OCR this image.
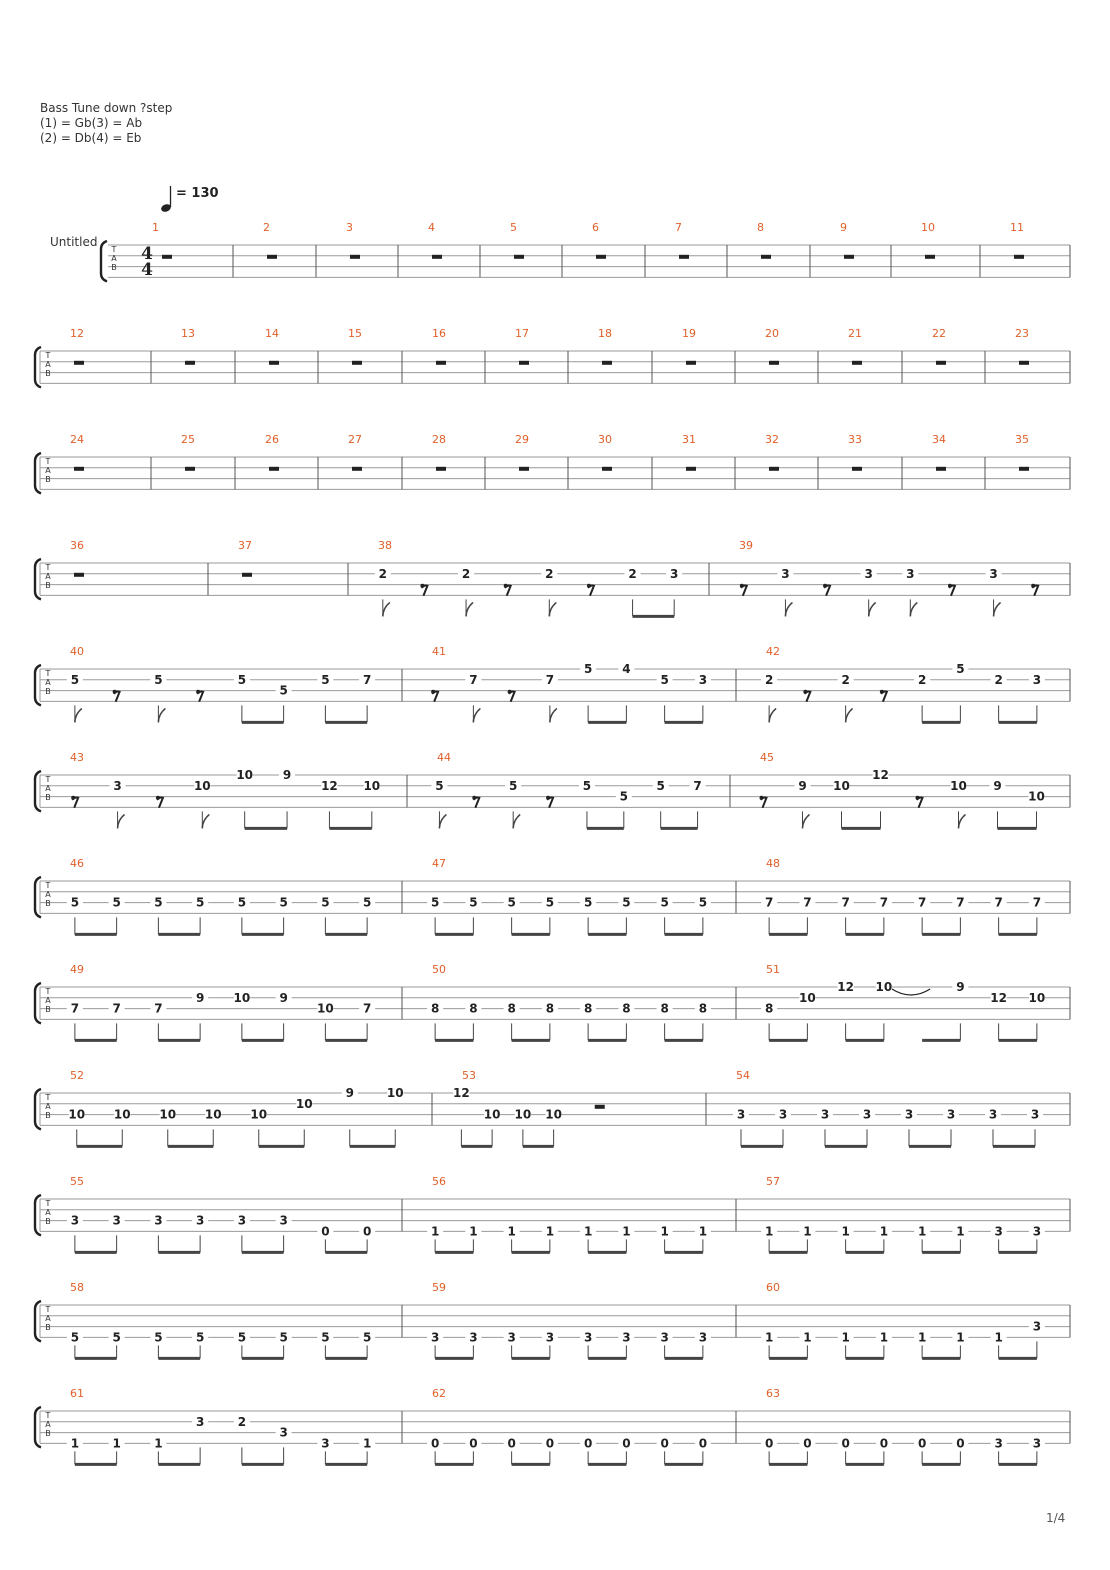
Bass Tune down ?step
(1) = Gb(3) = Ab
(2) = Db(4) = Eb
= 130
Untitled
1/4
T
A
B
4
4
1	2	3	4	5	6	7	8	9	10	11
T
A
B
12	13	14	15	16	17	18	19	20	21	22	23
T
A
B
24	25	26	27	28	29	30	31	32	33	34	35
T
A
B
36	37	38
2	2	2	2	3
39
3	3	3	3
T
A
B
40
5	5	5
5
5	7
41
7	7
5 4
5 3
42
2	2	2
5
2 3
T
A
B
43
3	10
10 9
12 10
44
5	5	5
5
5 7
45
9 10
12
10 9
10
T
A
B
46
5	5	5	5	5	5	5	5
47
5 5 5 5 5 5 5 5
48
7 7 7 7 7 7 7 7
T
A
B
49
7	7	7
9 10 9
10 7
50
8 8 8 8 8 8 8 8
51
8
10
12 10	9
12 10
T
A
B
52
10 10 10 10 10
10
9	10
53
12
10 10 10
54
3	3	3	3	3	3	3	3
T
A
B
55
3	3	3	3	3	3
0	0
56
1 1 1 1 1 1 1 1
57
1 1 1 1 1 1 3 3
T
A
B
58
5	5	5	5	5	5	5	5
59
3 3 3 3 3 3 3 3
60
1 1 1 1 1 1 1
3
T
A
B
61
1	1	1
3	2
3
3	1
62
0 0 0 0 0 0 0 0
63
0 0 0 0 0 0 3 3
